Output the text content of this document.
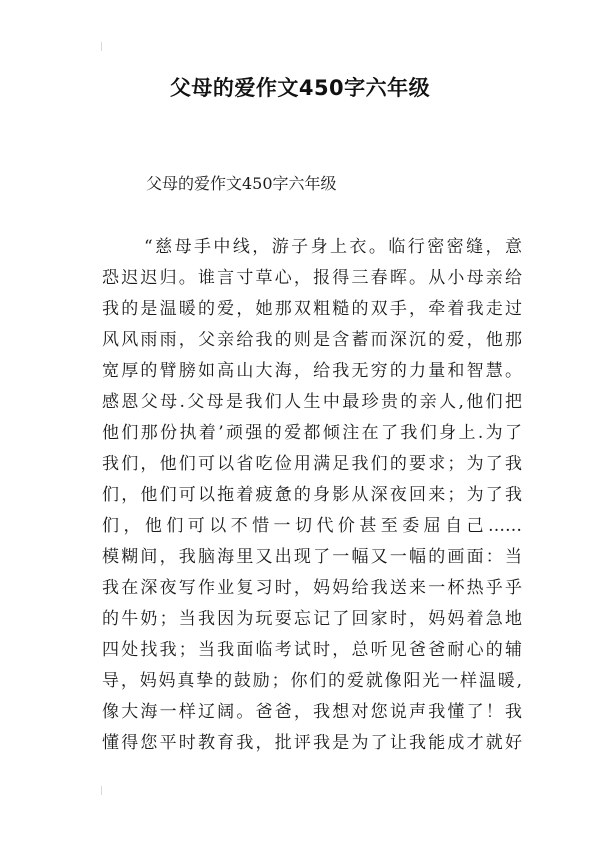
父母的爱作文450字六年级

父母的爱作文450字六年级

“慈母手中线，游子身上衣。临行密密缝，意
恐迟迟归。谁言寸草心，报得三春晖。从小母亲给
我的是温暖的爱，她那双粗糙的双手，牵着我走过
风风雨雨，父亲给我的则是含蓄而深沉的爱，他那
宽厚的臂膀如高山大海，给我无穷的力量和智慧。
感恩父母.父母是我们人生中最珍贵的亲人,他们把
他们那份执着’顽强的爱都倾注在了我们身上.为了
我们，他们可以省吃俭用满足我们的要求；为了我
们，他们可以拖着疲惫的身影从深夜回来；为了我
们，他们可以不惜一切代价甚至委屈自己……
模糊间，我脑海里又出现了一幅又一幅的画面：当
我在深夜写作业复习时，妈妈给我送来一杯热乎乎
的牛奶；当我因为玩耍忘记了回家时，妈妈着急地
四处找我；当我面临考试时，总听见爸爸耐心的辅
导，妈妈真挚的鼓励；你们的爱就像阳光一样温暖,
像大海一样辽阔。爸爸，我想对您说声我懂了！我
懂得您平时教育我，批评我是为了让我能成才就好
